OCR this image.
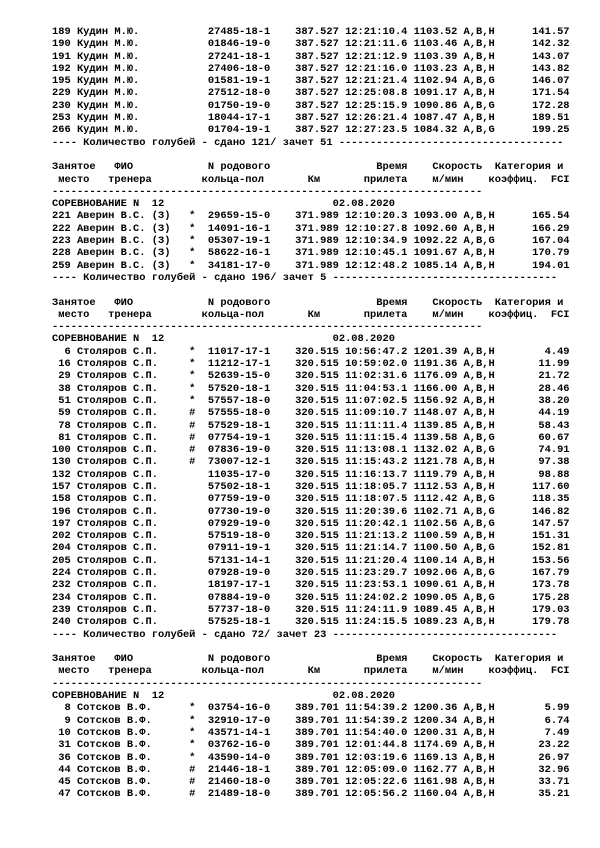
189 Кудин М.Ю.           27485-18-1    387.527 12:21:10.4 1103.52 A,B,H      141.57
190 Кудин М.Ю.           01846-19-0    387.527 12:21:11.6 1103.46 A,B,H      142.32
191 Кудин М.Ю.           27241-18-1    387.527 12:21:12.9 1103.39 A,B,H      143.07
192 Кудин М.Ю.           27406-18-0    387.527 12:21:16.0 1103.23 A,B,H      143.82
195 Кудин М.Ю.           01581-19-1    387.527 12:21:21.4 1102.94 A,B,G      146.07
229 Кудин М.Ю.           27512-18-0    387.527 12:25:08.8 1091.17 A,B,H      171.54
230 Кудин М.Ю.           01750-19-0    387.527 12:25:15.9 1090.86 A,B,G      172.28
253 Кудин М.Ю.           18044-17-1    387.527 12:26:21.4 1087.47 A,B,H      189.51
266 Кудин М.Ю.           01704-19-1    387.527 12:27:23.5 1084.32 A,B,G      199.25
---- Количество голубей - сдано 121/ зачет 51 ------------------------------------
Занятое   ФИО            N родового                 Время    Скорость  Категория и
место   тренера        кольца-пол       Км       прилета    м/мин    коэффиц.  FCI
---------------------------------------------------------------------
СОРЕВНОВАНИЕ N  12                           02.08.2020
221 Аверин В.С. (З)   *  29659-15-0    371.989 12:10:20.3 1093.00 A,B,H      165.54
222 Аверин В.С. (З)   *  14091-16-1    371.989 12:10:27.8 1092.60 A,B,H      166.29
223 Аверин В.С. (З)   *  05307-19-1    371.989 12:10:34.9 1092.22 A,B,G      167.04
228 Аверин В.С. (З)   *  58622-16-1    371.989 12:10:45.1 1091.67 A,B,H      170.79
259 Аверин В.С. (З)   *  34181-17-0    371.989 12:12:48.2 1085.14 A,B,H      194.01
---- Количество голубей - сдано 196/ зачет 5 ------------------------------------
Занятое   ФИО            N родового                 Время    Скорость  Категория и
место   тренера        кольца-пол       Км       прилета    м/мин    коэффиц.  FCI
---------------------------------------------------------------------
СОРЕВНОВАНИЕ N  12                           02.08.2020
6 Столяров С.П.     *  11017-17-1    320.515 10:56:47.2 1201.39 A,B,H        4.49
16 Столяров С.П.     *  11212-17-1    320.515 10:59:02.0 1191.36 A,B,H       11.99
29 Столяров С.П.     *  52639-15-0    320.515 11:02:31.6 1176.09 A,B,H       21.72
38 Столяров С.П.     *  57520-18-1    320.515 11:04:53.1 1166.00 A,B,H       28.46
51 Столяров С.П.     *  57557-18-0    320.515 11:07:02.5 1156.92 A,B,H       38.20
59 Столяров С.П.     #  57555-18-0    320.515 11:09:10.7 1148.07 A,B,H       44.19
78 Столяров С.П.     #  57529-18-1    320.515 11:11:11.4 1139.85 A,B,H       58.43
81 Столяров С.П.     #  07754-19-1    320.515 11:11:15.4 1139.58 A,B,G       60.67
100 Столяров С.П.     #  07836-19-0    320.515 11:13:08.1 1132.02 A,B,G       74.91
130 Столяров С.П.     #  73007-12-1    320.515 11:15:43.2 1121.78 A,B,H       97.38
132 Столяров С.П.        11035-17-0    320.515 11:16:13.7 1119.79 A,B,H       98.88
157 Столяров С.П.        57502-18-1    320.515 11:18:05.7 1112.53 A,B,H      117.60
158 Столяров С.П.        07759-19-0    320.515 11:18:07.5 1112.42 A,B,G      118.35
196 Столяров С.П.        07730-19-0    320.515 11:20:39.6 1102.71 A,B,G      146.82
197 Столяров С.П.        07929-19-0    320.515 11:20:42.1 1102.56 A,B,G      147.57
202 Столяров С.П.        57519-18-0    320.515 11:21:13.2 1100.59 A,B,H      151.31
204 Столяров С.П.        07911-19-1    320.515 11:21:14.7 1100.50 A,B,G      152.81
205 Столяров С.П.        57131-14-1    320.515 11:21:20.4 1100.14 A,B,H      153.56
224 Столяров С.П.        07928-19-0    320.515 11:23:29.7 1092.06 A,B,G      167.79
232 Столяров С.П.        18197-17-1    320.515 11:23:53.1 1090.61 A,B,H      173.78
234 Столяров С.П.        07884-19-0    320.515 11:24:02.2 1090.05 A,B,G      175.28
239 Столяров С.П.        57737-18-0    320.515 11:24:11.9 1089.45 A,B,H      179.03
240 Столяров С.П.        57525-18-1    320.515 11:24:15.5 1089.23 A,B,H      179.78
---- Количество голубей - сдано 72/ зачет 23 ------------------------------------
Занятое   ФИО            N родового                 Время    Скорость  Категория и
место   тренера        кольца-пол       Км       прилета    м/мин    коэффиц.  FCI
---------------------------------------------------------------------
СОРЕВНОВАНИЕ N  12                           02.08.2020
8 Сотсков В.Ф.      *  03754-16-0    389.701 11:54:39.2 1200.36 A,B,H        5.99
9 Сотсков В.Ф.      *  32910-17-0    389.701 11:54:39.2 1200.34 A,B,H        6.74
10 Сотсков В.Ф.      *  43571-14-1    389.701 11:54:40.0 1200.31 A,B,H        7.49
31 Сотсков В.Ф.      *  03762-16-0    389.701 12:01:44.8 1174.69 A,B,H       23.22
36 Сотсков В.Ф.      *  43590-14-0    389.701 12:03:19.6 1169.13 A,B,H       26.97
44 Сотсков В.Ф.      #  21446-18-1    389.701 12:05:09.0 1162.77 A,B,H       32.96
45 Сотсков В.Ф.      #  21460-18-0    389.701 12:05:22.6 1161.98 A,B,H       33.71
47 Сотсков В.Ф.      #  21489-18-0    389.701 12:05:56.2 1160.04 A,B,H       35.21
